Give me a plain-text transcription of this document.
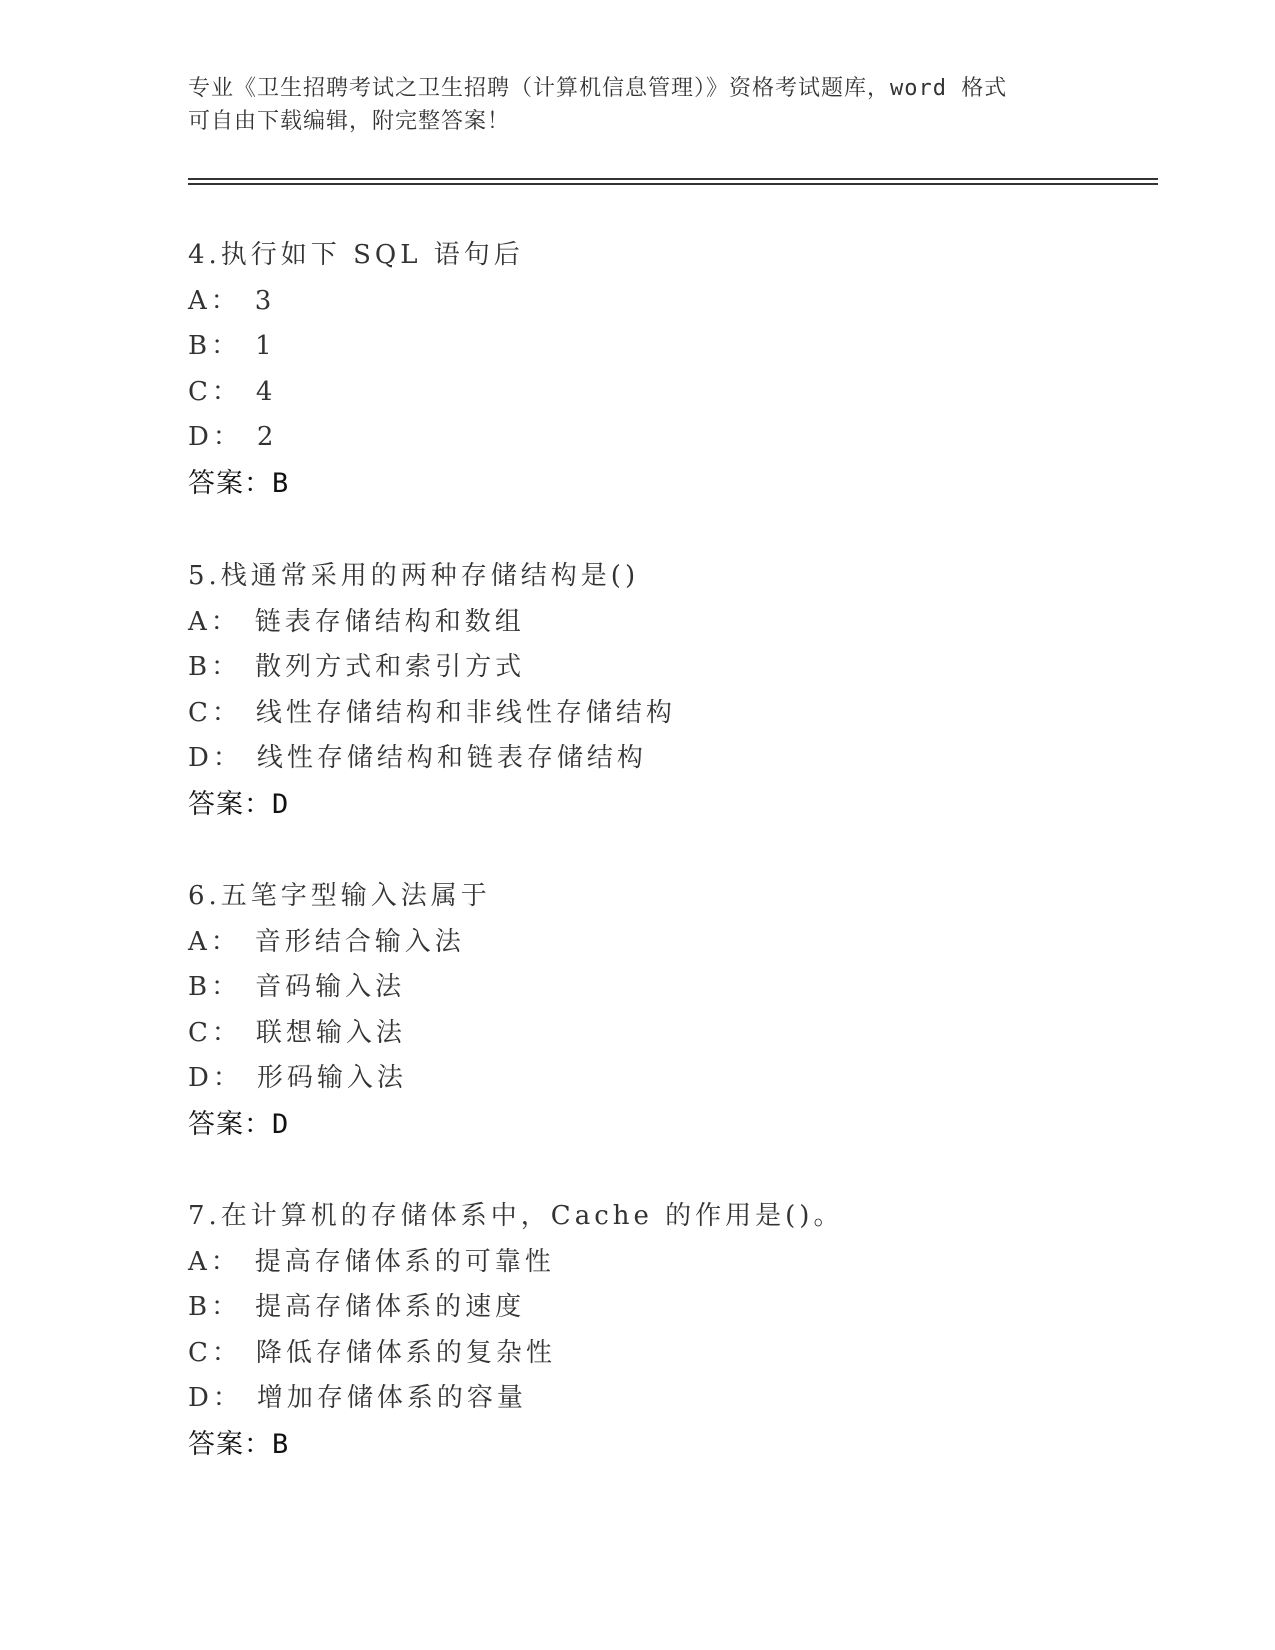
专业《卫生招聘考试之卫生招聘（计算机信息管理）》资格考试题库，word 格式
可自由下载编辑，附完整答案！
4.执行如下 SQL 语句后
A： 3
B： 1
C： 4
D： 2
答案：B
5.栈通常采用的两种存储结构是()
A： 链表存储结构和数组
B： 散列方式和索引方式
C： 线性存储结构和非线性存储结构
D： 线性存储结构和链表存储结构
答案：D
6.五笔字型输入法属于
A： 音形结合输入法
B： 音码输入法
C： 联想输入法
D： 形码输入法
答案：D
7.在计算机的存储体系中，Cache 的作用是()。
A： 提高存储体系的可靠性
B： 提高存储体系的速度
C： 降低存储体系的复杂性
D： 增加存储体系的容量
答案：B
